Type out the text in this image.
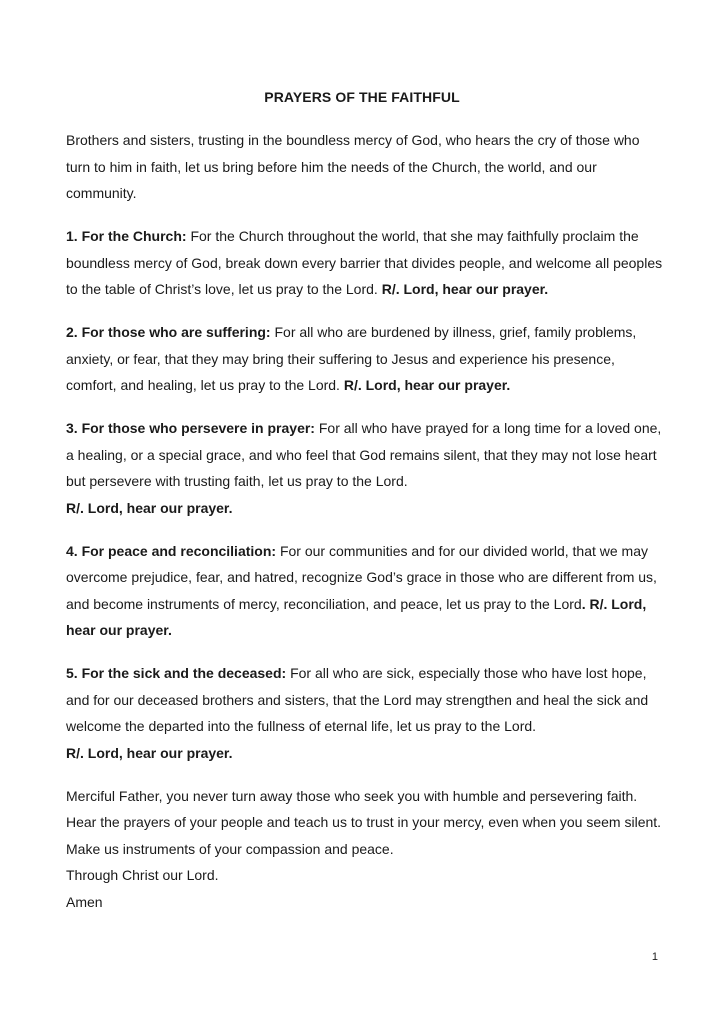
PRAYERS OF THE FAITHFUL

Brothers and sisters, trusting in the boundless mercy of God, who hears the cry of those who turn to him in faith, let us bring before him the needs of the Church, the world, and our community.

1. For the Church: For the Church throughout the world, that she may faithfully proclaim the boundless mercy of God, break down every barrier that divides people, and welcome all peoples to the table of Christ’s love, let us pray to the Lord. R/. Lord, hear our prayer.

2. For those who are suffering: For all who are burdened by illness, grief, family problems, anxiety, or fear, that they may bring their suffering to Jesus and experience his presence, comfort, and healing, let us pray to the Lord. R/. Lord, hear our prayer.

3. For those who persevere in prayer: For all who have prayed for a long time for a loved one, a healing, or a special grace, and who feel that God remains silent, that they may not lose heart but persevere with trusting faith, let us pray to the Lord.
R/. Lord, hear our prayer.

4. For peace and reconciliation: For our communities and for our divided world, that we may overcome prejudice, fear, and hatred, recognize God’s grace in those who are different from us, and become instruments of mercy, reconciliation, and peace, let us pray to the Lord. R/. Lord, hear our prayer.

5. For the sick and the deceased: For all who are sick, especially those who have lost hope, and for our deceased brothers and sisters, that the Lord may strengthen and heal the sick and welcome the departed into the fullness of eternal life, let us pray to the Lord.
R/. Lord, hear our prayer.

Merciful Father, you never turn away those who seek you with humble and persevering faith. Hear the prayers of your people and teach us to trust in your mercy, even when you seem silent. Make us instruments of your compassion and peace.
Through Christ our Lord.
Amen

1
